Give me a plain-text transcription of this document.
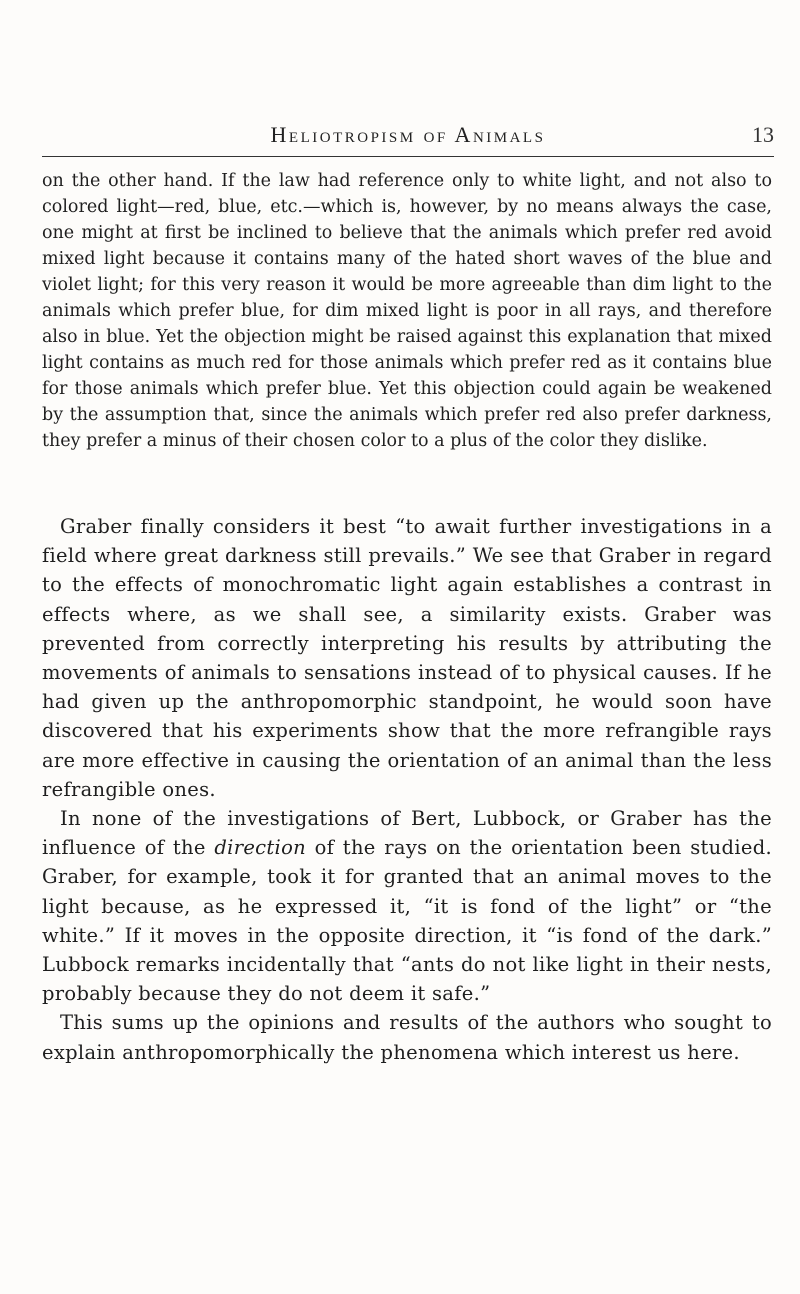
Heliotropism of Animals	13

on the other hand. If the law had reference only to white light, and not also to colored light—red, blue, etc.—which is, however, by no means always the case, one might at first be inclined to believe that the animals which prefer red avoid mixed light because it contains many of the hated short waves of the blue and violet light; for this very reason it would be more agreeable than dim light to the animals which prefer blue, for dim mixed light is poor in all rays, and therefore also in blue. Yet the objection might be raised against this explanation that mixed light contains as much red for those animals which prefer red as it contains blue for those animals which prefer blue. Yet this objection could again be weakened by the assumption that, since the animals which prefer red also prefer darkness, they prefer a minus of their chosen color to a plus of the color they dislike.

Graber finally considers it best “to await further investigations in a field where great darkness still prevails.” We see that Graber in regard to the effects of monochromatic light again establishes a contrast in effects where, as we shall see, a similarity exists. Graber was prevented from correctly interpreting his results by attributing the movements of animals to sensations instead of to physical causes. If he had given up the anthropomorphic standpoint, he would soon have discovered that his experiments show that the more refrangible rays are more effective in causing the orientation of an animal than the less refrangible ones.

In none of the investigations of Bert, Lubbock, or Graber has the influence of the direction of the rays on the orientation been studied. Graber, for example, took it for granted that an animal moves to the light because, as he expressed it, “it is fond of the light” or “the white.” If it moves in the opposite direction, it “is fond of the dark.” Lubbock remarks incidentally that “ants do not like light in their nests, probably because they do not deem it safe.”

This sums up the opinions and results of the authors who sought to explain anthropomorphically the phenomena which interest us here.
